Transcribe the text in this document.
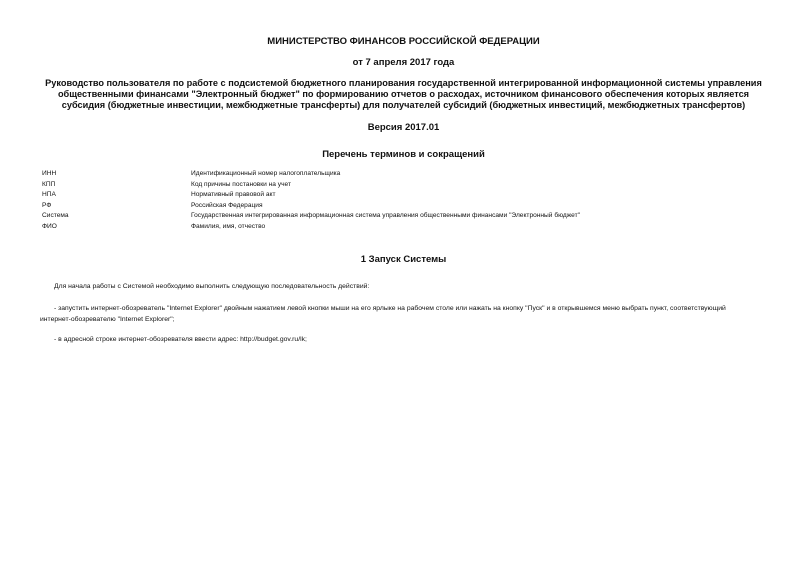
МИНИСТЕРСТВО ФИНАНСОВ РОССИЙСКОЙ ФЕДЕРАЦИИ
от 7 апреля 2017 года
Руководство пользователя по работе с подсистемой бюджетного планирования государственной интегрированной информационной системы управления общественными финансами "Электронный бюджет" по формированию отчетов о расходах, источником финансового обеспечения которых является субсидия (бюджетные инвестиции, межбюджетные трансферты) для получателей субсидий (бюджетных инвестиций, межбюджетных трансфертов)
Версия 2017.01
Перечень терминов и сокращений
ИНН	Идентификационный номер налогоплательщика
КПП	Код причины постановки на учет
НПА	Нормативный правовой акт
РФ	Российская Федерация
Система	Государственная интегрированная информационная система управления общественными финансами "Электронный бюджет"
ФИО	Фамилия, имя, отчество
1 Запуск Системы
Для начала работы с Системой необходимо выполнить следующую последовательность действий:
- запустить интернет-обозреватель "Internet Explorer" двойным нажатием левой кнопки мыши на его ярлыке на рабочем столе или нажать на кнопку "Пуск" и в открывшемся меню выбрать пункт, соответствующий
интернет-обозревателю "Internet Explorer";
- в адресной строке интернет-обозревателя ввести адрес: http://budget.gov.ru/lk;
